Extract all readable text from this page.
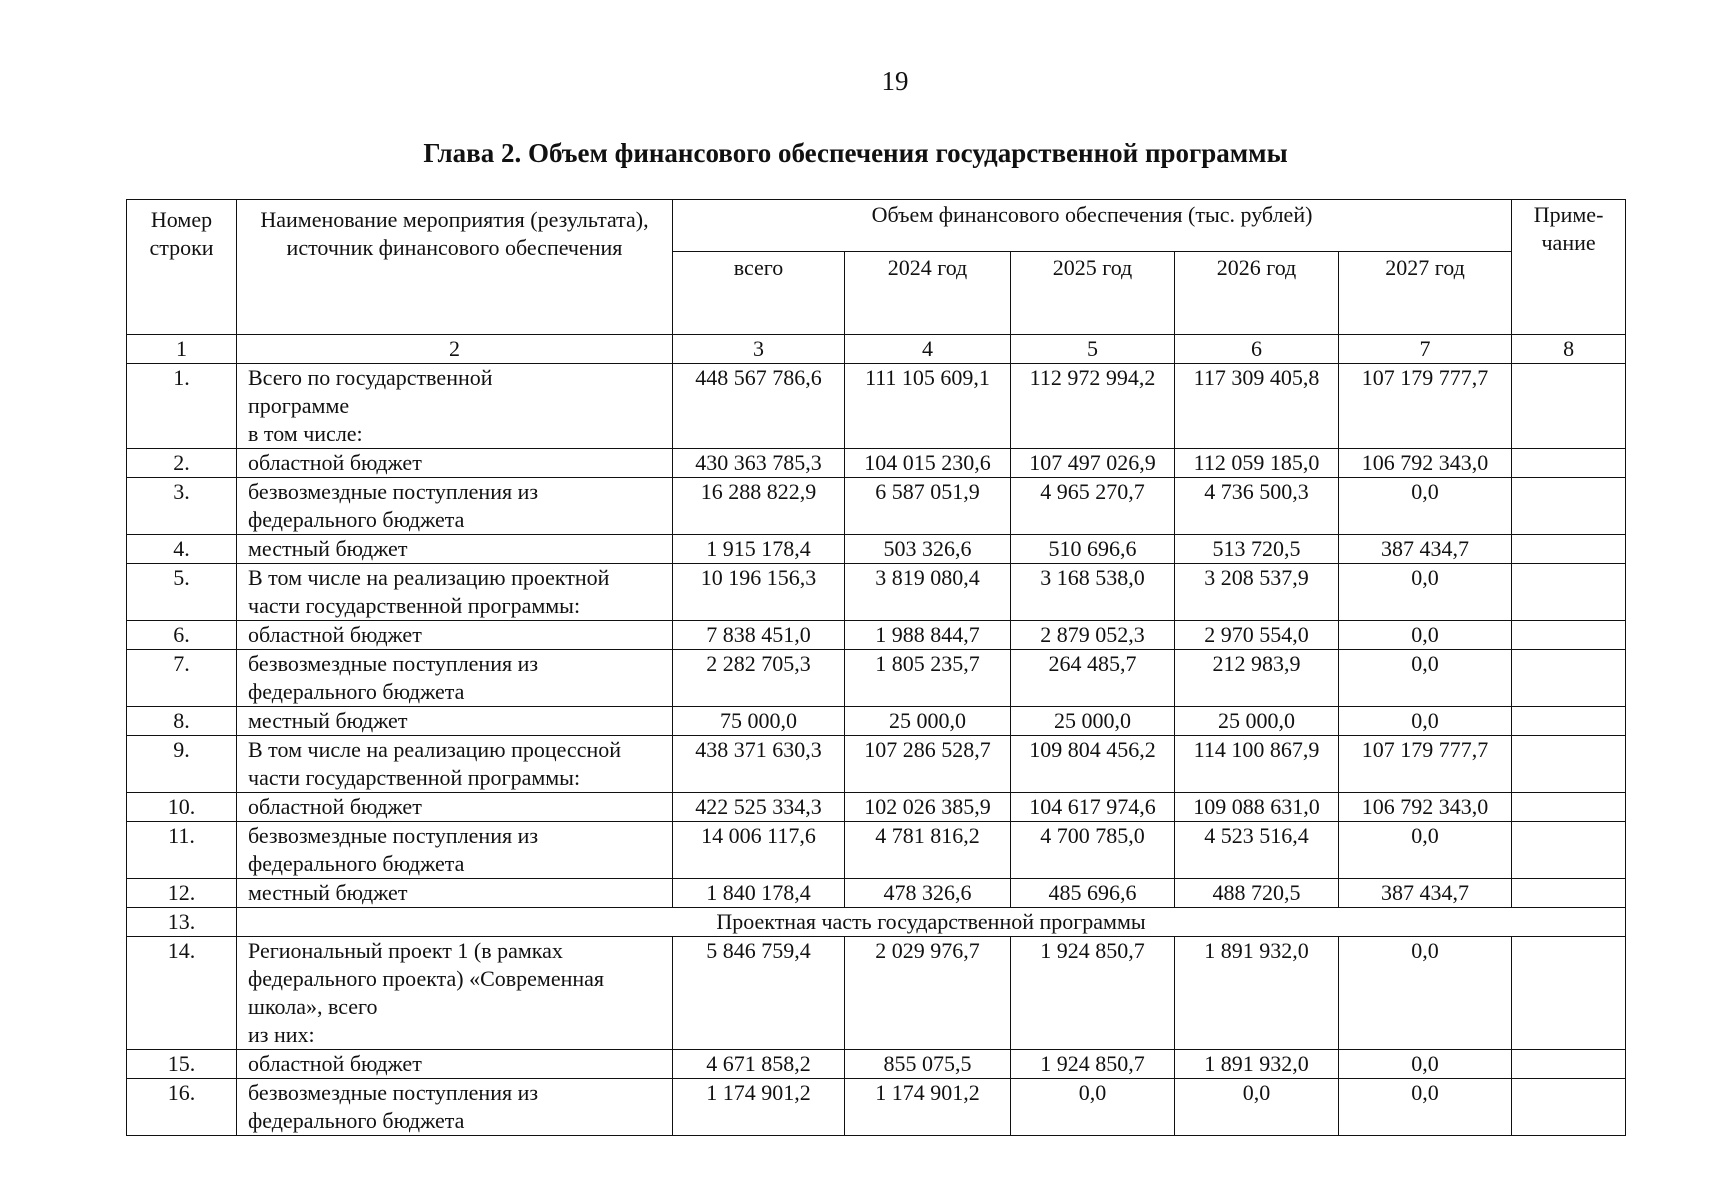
19
Глава 2. Объем финансового обеспечения государственной программы
Номер строки	Наименование мероприятия (результата), источник финансового обеспечения	Объем финансового обеспечения (тыс. рублей)					Приме-чание
		всего	2024 год	2025 год	2026 год	2027 год	
1	2	3	4	5	6	7	8
1.	Всего по государственной
программе
в том числе:	448 567 786,6	111 105 609,1	112 972 994,2	117 309 405,8	107 179 777,7	
2.	областной бюджет	430 363 785,3	104 015 230,6	107 497 026,9	112 059 185,0	106 792 343,0	
3.	безвозмездные поступления из
федерального бюджета	16 288 822,9	6 587 051,9	4 965 270,7	4 736 500,3	0,0	
4.	местный бюджет	1 915 178,4	503 326,6	510 696,6	513 720,5	387 434,7	
5.	В том числе на реализацию проектной
части государственной программы:	10 196 156,3	3 819 080,4	3 168 538,0	3 208 537,9	0,0	
6.	областной бюджет	7 838 451,0	1 988 844,7	2 879 052,3	2 970 554,0	0,0	
7.	безвозмездные поступления из
федерального бюджета	2 282 705,3	1 805 235,7	264 485,7	212 983,9	0,0	
8.	местный бюджет	75 000,0	25 000,0	25 000,0	25 000,0	0,0	
9.	В том числе на реализацию процессной
части государственной программы:	438 371 630,3	107 286 528,7	109 804 456,2	114 100 867,9	107 179 777,7	
10.	областной бюджет	422 525 334,3	102 026 385,9	104 617 974,6	109 088 631,0	106 792 343,0	
11.	безвозмездные поступления из
федерального бюджета	14 006 117,6	4 781 816,2	4 700 785,0	4 523 516,4	0,0	
12.	местный бюджет	1 840 178,4	478 326,6	485 696,6	488 720,5	387 434,7	
13.	Проектная часть государственной программы						
14.	Региональный проект 1 (в рамках
федерального проекта) «Современная
школа», всего
из них:	5 846 759,4	2 029 976,7	1 924 850,7	1 891 932,0	0,0	
15.	областной бюджет	4 671 858,2	855 075,5	1 924 850,7	1 891 932,0	0,0	
16.	безвозмездные поступления из
федерального бюджета	1 174 901,2	1 174 901,2	0,0	0,0	0,0	
